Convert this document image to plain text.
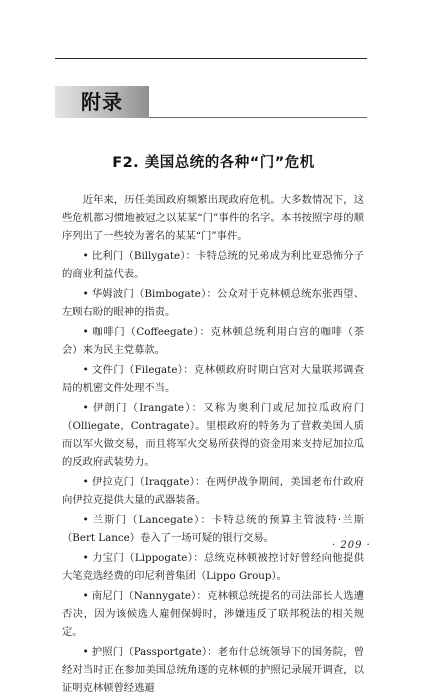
附录
F2. 美国总统的各种“门”危机

近年来，历任美国政府频繁出现政府危机。大多数情况下，这些危机都习惯地被冠之以某某“门”事件的名字。本书按照字母的顺序列出了一些较为著名的某某“门”事件。

• 比利门（Billygate）：卡特总统的兄弟成为利比亚恐怖分子的商业利益代表。

• 华姆波门（Bimbogate）：公众对于克林顿总统东张西望、左顾右盼的眼神的指责。

• 咖啡门（Coffeegate）：克林顿总统利用白宫的咖啡（茶会）来为民主党募款。

• 文件门（Filegate）：克林顿政府时期白宫对大量联邦调查局的机密文件处理不当。

• 伊朗门（Irangate）：又称为奥利门或尼加拉瓜政府门（Olliegate，Contragate）。里根政府的特务为了营救美国人质而以军火做交易，而且将军火交易所获得的资金用来支持尼加拉瓜的反政府武装势力。

• 伊拉克门（Iraqgate）：在两伊战争期间，美国老布什政府向伊拉克提供大量的武器装备。

• 兰斯门（Lancegate）：卡特总统的预算主管波特·兰斯（Bert Lance）卷入了一场可疑的银行交易。

• 力宝门（Lippogate）：总统克林顿被控讨好曾经向他提供大笔竞选经费的印尼利普集团（Lippo Group）。

• 南尼门（Nannygate）：克林顿总统提名的司法部长人选遭否决，因为该候选人雇佣保姆时，涉嫌违反了联邦税法的相关规定。

• 护照门（Passportgate）：老布什总统领导下的国务院，曾经对当时正在参加美国总统角逐的克林顿的护照记录展开调查，以证明克林顿曾经逃避

· 209 ·
